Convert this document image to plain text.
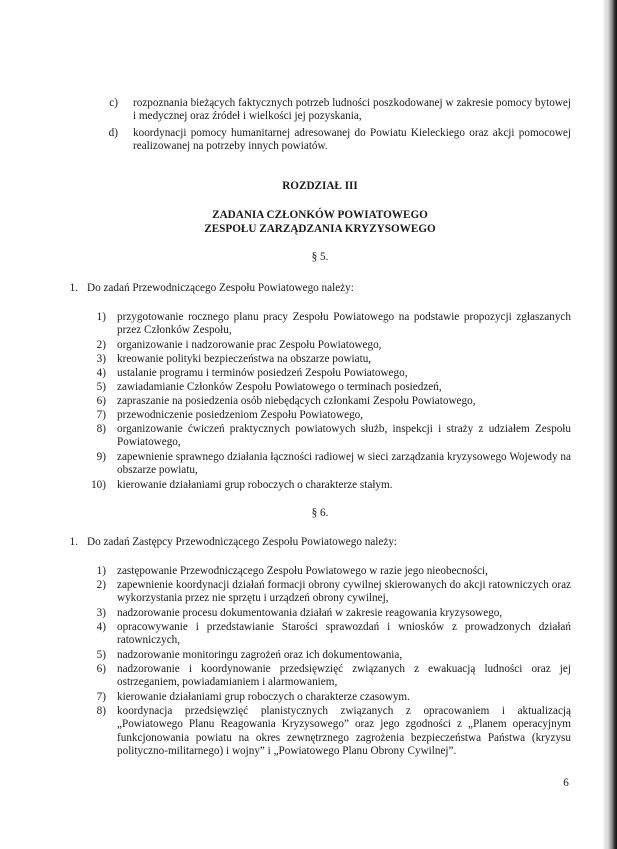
c) rozpoznania bieżących faktycznych potrzeb ludności poszkodowanej w zakresie pomocy bytowej i medycznej oraz źródeł i wielkości jej pozyskania,
d) koordynacji pomocy humanitarnej adresowanej do Powiatu Kieleckiego oraz akcji pomocowej realizowanej na potrzeby innych powiatów.
ROZDZIAŁ III
ZADANIA CZŁONKÓW POWIATOWEGO
ZESPOŁU ZARZĄDZANIA KRYZYSOWEGO
§ 5.
1. Do zadań Przewodniczącego Zespołu Powiatowego należy:
1) przygotowanie rocznego planu pracy Zespołu Powiatowego na podstawie propozycji zgłaszanych przez Członków Zespołu,
2) organizowanie i nadzorowanie prac Zespołu Powiatowego,
3) kreowanie polityki bezpieczeństwa na obszarze powiatu,
4) ustalanie programu i terminów posiedzeń Zespołu Powiatowego,
5) zawiadamianie Członków Zespołu Powiatowego o terminach posiedzeń,
6) zapraszanie na posiedzenia osób niebędących członkami Zespołu Powiatowego,
7) przewodniczenie posiedzeniom Zespołu Powiatowego,
8) organizowanie ćwiczeń praktycznych powiatowych służb, inspekcji i straży z udziałem Zespołu Powiatowego,
9) zapewnienie sprawnego działania łączności radiowej w sieci zarządzania kryzysowego Wojewody na obszarze powiatu,
10) kierowanie działaniami grup roboczych o charakterze stałym.
§ 6.
1. Do zadań Zastępcy Przewodniczącego Zespołu Powiatowego należy:
1) zastępowanie Przewodniczącego Zespołu Powiatowego w razie jego nieobecności,
2) zapewnienie koordynacji działań formacji obrony cywilnej skierowanych do akcji ratowniczych oraz wykorzystania przez nie sprzętu i urządzeń obrony cywilnej,
3) nadzorowanie procesu dokumentowania działań w zakresie reagowania kryzysowego,
4) opracowywanie i przedstawianie Starości sprawozdań i wniosków z prowadzonych działań ratowniczych,
5) nadzorowanie monitoringu zagrożeń oraz ich dokumentowania,
6) nadzorowanie i koordynowanie przedsięwzięć związanych z ewakuacją ludności oraz jej ostrzeganiem, powiadamianiem i alarmowaniem,
7) kierowanie działaniami grup roboczych o charakterze czasowym.
8) koordynacja przedsięwzięć planistycznych związanych z opracowaniem i aktualizacją „Powiatowego Planu Reagowania Kryzysowego” oraz jego zgodności z „Planem operacyjnym funkcjonowania powiatu na okres zewnętrznego zagrożenia bezpieczeństwa Państwa (kryzysu polityczno-militarnego) i wojny” i „Powiatowego Planu Obrony Cywilnej”.
6
